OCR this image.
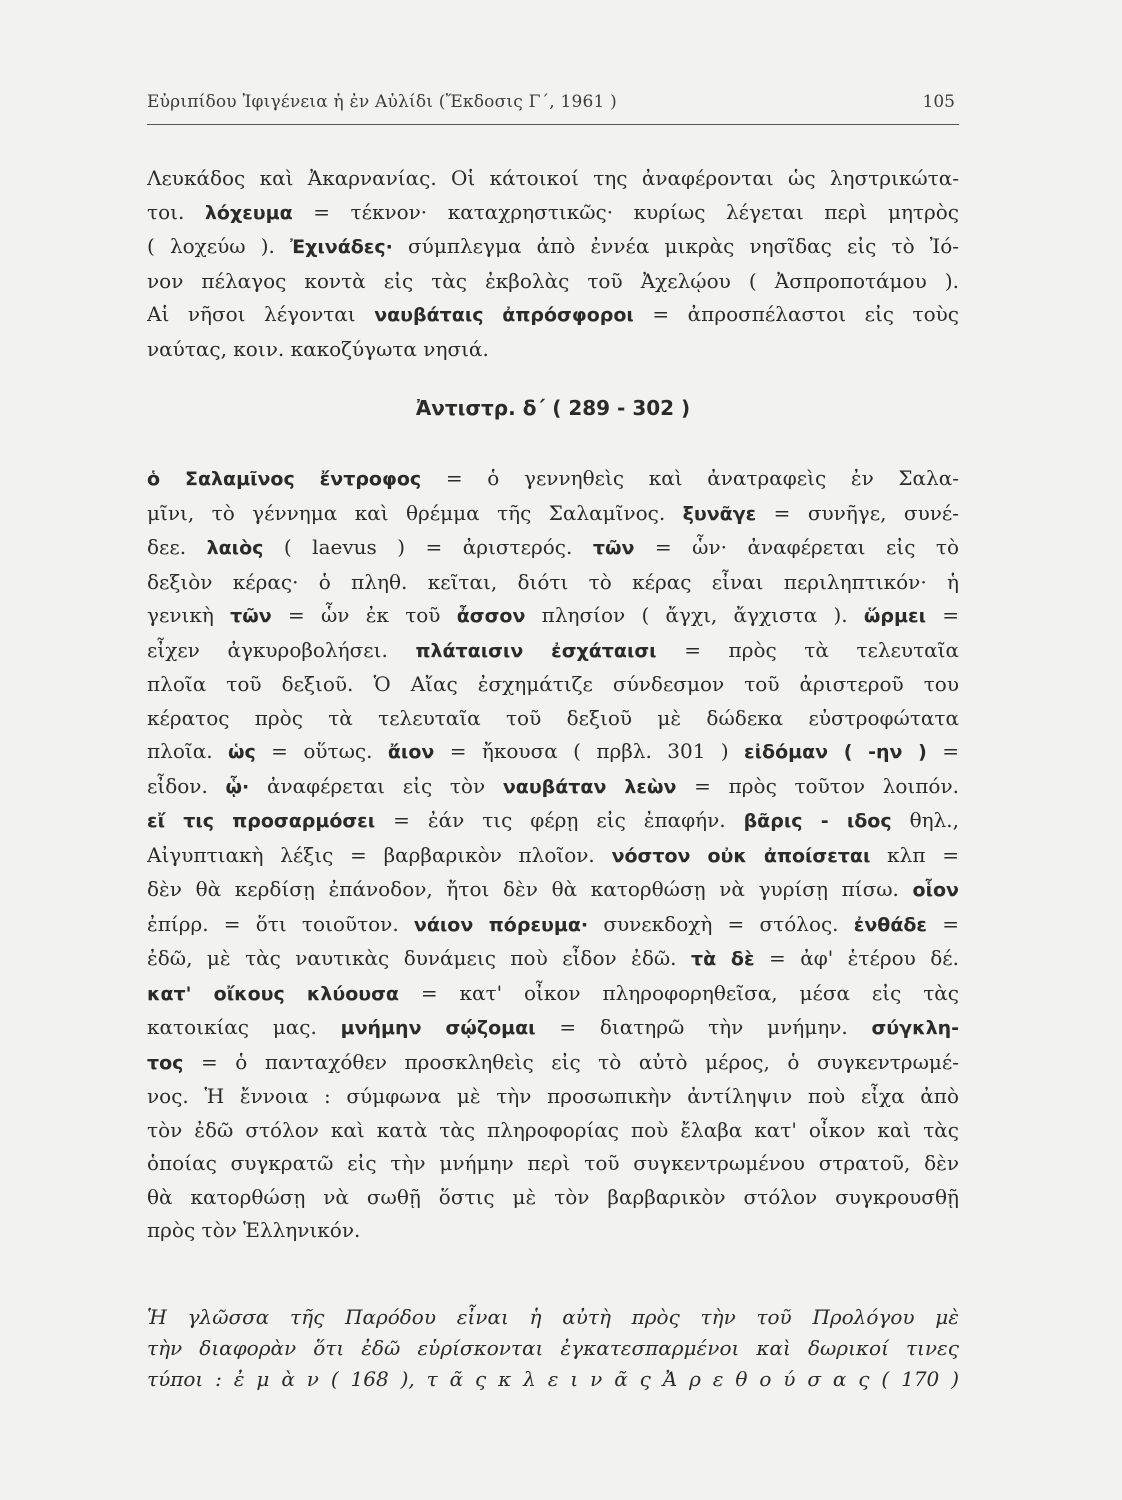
Εὐριπίδου Ἰφιγένεια ἡ ἐν Αὐλίδι (Ἔκδοσις Γ΄, 1961 )	105
Λευκάδος καὶ Ἀκαρνανίας. Οἱ κάτοικοί της ἀναφέρονται ὡς ληστρικώτα-
τοι. λόχευμα = τέκνον· καταχρηστικῶς· κυρίως λέγεται περὶ μητρὸς
( λοχεύω ). Ἐχινάδες· σύμπλεγμα ἀπὸ ἐννέα μικρὰς νησῖδας εἰς τὸ Ἰό-
νον πέλαγος κοντὰ εἰς τὰς ἐκβολὰς τοῦ Ἀχελῴου ( Ἀσπροποτάμου ).
Αἱ νῆσοι λέγονται ναυβάταις ἀπρόσφοροι = ἀπροσπέλαστοι εἰς τοὺς
ναύτας, κοιν. κακοζύγωτα νησιά.
Ἀντιστρ. δ΄ ( 289 - 302 )
ὁ Σαλαμῖνος ἔντροφος = ὁ γεννηθεὶς καὶ ἀνατραφεὶς ἐν Σαλα-
μῖνι, τὸ γέννημα καὶ θρέμμα τῆς Σαλαμῖνος. ξυνᾶγε = συνῆγε, συνέ-
δεε. λαιὸς ( laevus ) = ἀριστερός. τῶν = ὧν· ἀναφέρεται εἰς τὸ
δεξιὸν κέρας· ὁ πληθ. κεῖται, διότι τὸ κέρας εἶναι περιληπτικόν· ἡ
γενικὴ τῶν = ὧν ἐκ τοῦ ἆσσον πλησίον ( ἄγχι, ἄγχιστα ). ὥρμει =
εἶχεν ἀγκυροβολήσει. πλάταισιν ἐσχάταισι = πρὸς τὰ τελευταῖα
πλοῖα τοῦ δεξιοῦ. Ὁ Αἴας ἐσχημάτιζε σύνδεσμον τοῦ ἀριστεροῦ του
κέρατος πρὸς τὰ τελευταῖα τοῦ δεξιοῦ μὲ δώδεκα εὐστροφώτατα
πλοῖα. ὡς = οὕτως. ἄιον = ἤκουσα ( πρβλ. 301 ) εἰδόμαν ( -ην ) =
εἶδον. ᾧ· ἀναφέρεται εἰς τὸν ναυβάταν λεὼν = πρὸς τοῦτον λοιπόν.
εἴ τις προσαρμόσει = ἐάν τις φέρῃ εἰς ἐπαφήν. βᾶρις - ιδος θηλ.,
Αἰγυπτιακὴ λέξις = βαρβαρικὸν πλοῖον. νόστον οὐκ ἀποίσεται κλπ =
δὲν θὰ κερδίσῃ ἐπάνοδον, ἤτοι δὲν θὰ κατορθώσῃ νὰ γυρίσῃ πίσω. οἷον
ἐπίρρ. = ὅτι τοιοῦτον. νάιον πόρευμα· συνεκδοχὴ = στόλος. ἐνθάδε =
ἐδῶ, μὲ τὰς ναυτικὰς δυνάμεις ποὺ εἶδον ἐδῶ. τὰ δὲ = ἀφ' ἑτέρου δέ.
κατ' οἴκους κλύουσα = κατ' οἶκον πληροφορηθεῖσα, μέσα εἰς τὰς
κατοικίας μας. μνήμην σῴζομαι = διατηρῶ τὴν μνήμην. σύγκλη-
τος = ὁ πανταχόθεν προσκληθεὶς εἰς τὸ αὐτὸ μέρος, ὁ συγκεντρωμέ-
νος. Ἡ ἔννοια : σύμφωνα μὲ τὴν προσωπικὴν ἀντίληψιν ποὺ εἶχα ἀπὸ
τὸν ἐδῶ στόλον καὶ κατὰ τὰς πληροφορίας ποὺ ἔλαβα κατ' οἶκον καὶ τὰς
ὁποίας συγκρατῶ εἰς τὴν μνήμην περὶ τοῦ συγκεντρωμένου στρατοῦ, δὲν
θὰ κατορθώσῃ νὰ σωθῇ ὅστις μὲ τὸν βαρβαρικὸν στόλον συγκρουσθῇ
πρὸς τὸν Ἑλληνικόν.
Ἡ γλῶσσα τῆς Παρόδου εἶναι ἡ αὐτὴ πρὸς τὴν τοῦ Προλόγου μὲ
τὴν διαφορὰν ὅτι ἐδῶ εὑρίσκονται ἐγκατεσπαρμένοι καὶ δωρικοί τινες
τύποι : ἐ μ ὰ ν ( 168 ), τ ᾶ ς κ λ ε ι ν ᾶ ς Ἀ ρ ε θ ο ύ σ α ς ( 170 )
